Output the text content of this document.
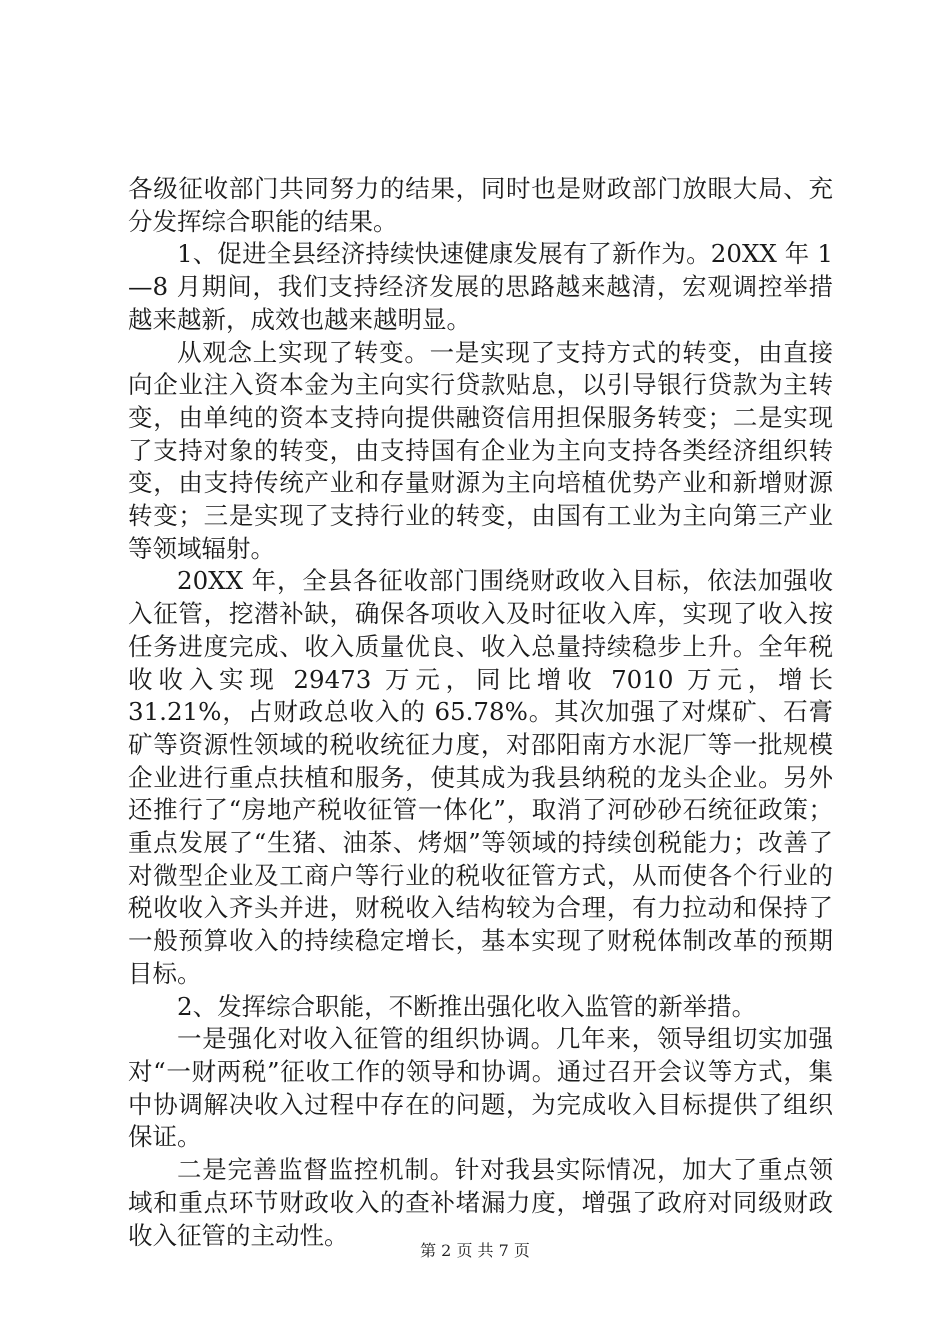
各级征收部门共同努力的结果，同时也是财政部门放眼大局、充分发挥综合职能的结果。

1、促进全县经济持续快速健康发展有了新作为。20XX 年 1—8 月期间，我们支持经济发展的思路越来越清，宏观调控举措越来越新，成效也越来越明显。

从观念上实现了转变。一是实现了支持方式的转变，由直接向企业注入资本金为主向实行贷款贴息，以引导银行贷款为主转变，由单纯的资本支持向提供融资信用担保服务转变；二是实现了支持对象的转变，由支持国有企业为主向支持各类经济组织转变，由支持传统产业和存量财源为主向培植优势产业和新增财源转变；三是实现了支持行业的转变，由国有工业为主向第三产业等领域辐射。

20XX 年，全县各征收部门围绕财政收入目标，依法加强收入征管，挖潜补缺，确保各项收入及时征收入库，实现了收入按任务进度完成、收入质量优良、收入总量持续稳步上升。全年税收收入实现 29473 万元，同比增收 7010 万元，增长31.21%，占财政总收入的 65.78%。其次加强了对煤矿、石膏矿等资源性领域的税收统征力度，对邵阳南方水泥厂等一批规模企业进行重点扶植和服务，使其成为我县纳税的龙头企业。另外还推行了“房地产税收征管一体化”，取消了河砂砂石统征政策；重点发展了“生猪、油茶、烤烟”等领域的持续创税能力；改善了对微型企业及工商户等行业的税收征管方式，从而使各个行业的税收收入齐头并进，财税收入结构较为合理，有力拉动和保持了一般预算收入的持续稳定增长，基本实现了财税体制改革的预期目标。

2、发挥综合职能，不断推出强化收入监管的新举措。

一是强化对收入征管的组织协调。几年来，领导组切实加强对“一财两税”征收工作的领导和协调。通过召开会议等方式，集中协调解决收入过程中存在的问题，为完成收入目标提供了组织保证。

二是完善监督监控机制。针对我县实际情况，加大了重点领域和重点环节财政收入的查补堵漏力度，增强了政府对同级财政收入征管的主动性。

第 2 页 共 7 页
